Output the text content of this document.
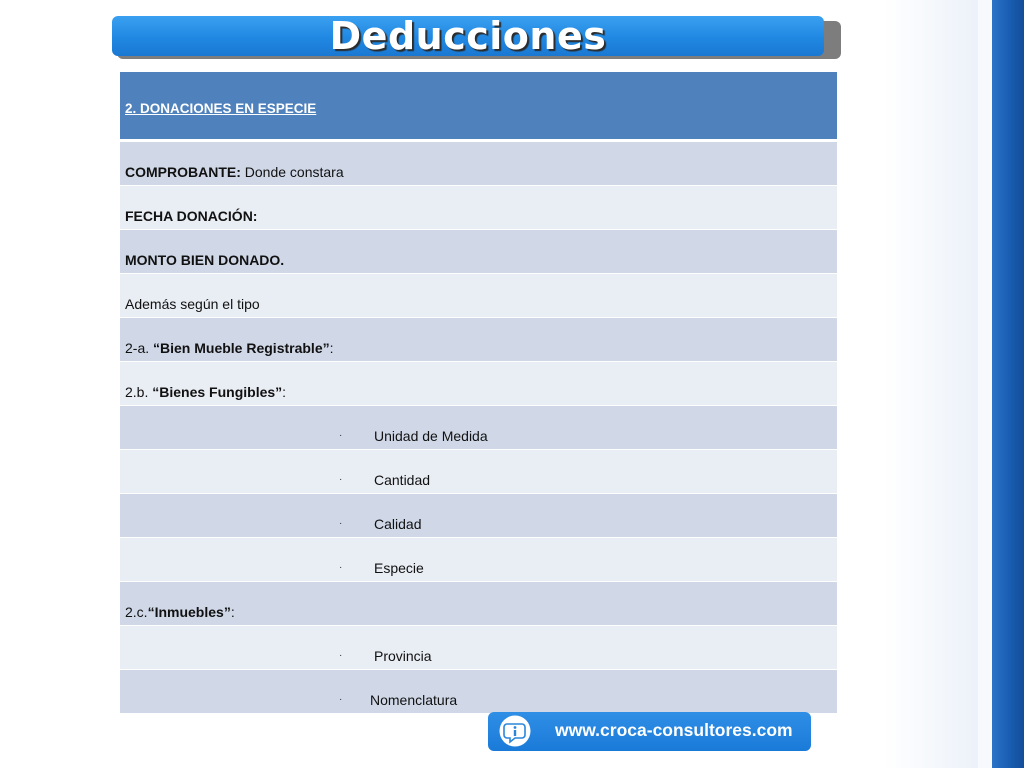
Deducciones
2. DONACIONES EN ESPECIE
COMPROBANTE: Donde constara
FECHA DONACIÓN:
MONTO BIEN DONADO.
Además según el tipo
2-a. “Bien Mueble Registrable”:
2.b. “Bienes Fungibles”:
· Unidad de Medida
· Cantidad
· Calidad
· Especie
2.c.“Inmuebles”:
· Provincia
· Nomenclatura
www.croca-consultores.com
